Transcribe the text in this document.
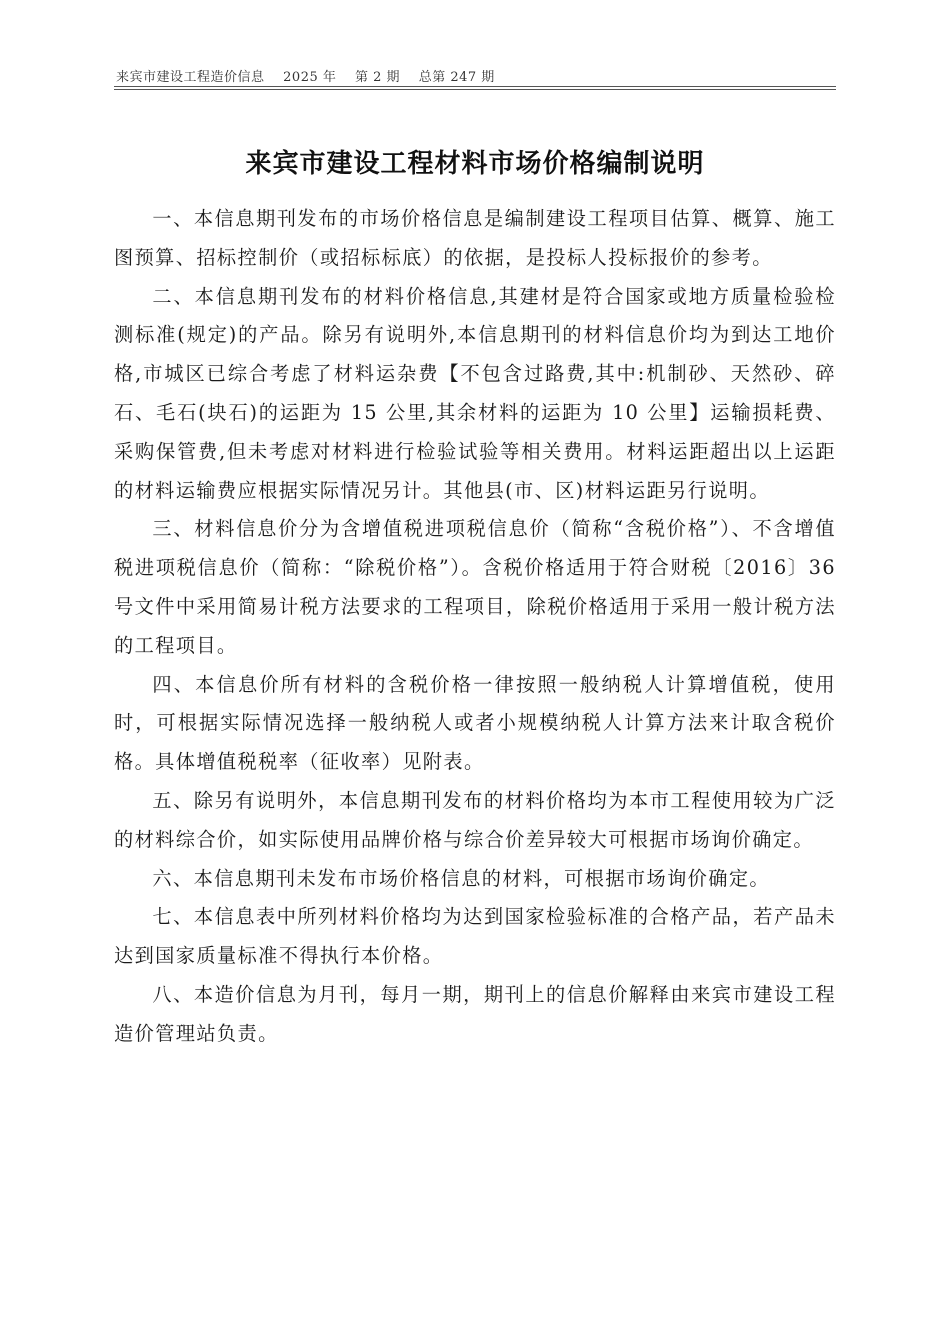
来宾市建设工程造价信息 2025 年 第 2 期 总第 247 期
来宾市建设工程材料市场价格编制说明

一、本信息期刊发布的市场价格信息是编制建设工程项目估算、概算、施工图预算、招标控制价（或招标标底）的依据，是投标人投标报价的参考。

二、本信息期刊发布的材料价格信息,其建材是符合国家或地方质量检验检测标准(规定)的产品。除另有说明外,本信息期刊的材料信息价均为到达工地价格,市城区已综合考虑了材料运杂费【不包含过路费,其中:机制砂、天然砂、碎石、毛石(块石)的运距为 15 公里,其余材料的运距为 10 公里】运输损耗费、采购保管费,但未考虑对材料进行检验试验等相关费用。材料运距超出以上运距的材料运输费应根据实际情况另计。其他县(市、区)材料运距另行说明。

三、材料信息价分为含增值税进项税信息价（简称“含税价格”）、不含增值税进项税信息价（简称：“除税价格”）。含税价格适用于符合财税〔2016〕36 号文件中采用简易计税方法要求的工程项目，除税价格适用于采用一般计税方法的工程项目。

四、本信息价所有材料的含税价格一律按照一般纳税人计算增值税，使用时，可根据实际情况选择一般纳税人或者小规模纳税人计算方法来计取含税价格。具体增值税税率（征收率）见附表。

五、除另有说明外，本信息期刊发布的材料价格均为本市工程使用较为广泛的材料综合价，如实际使用品牌价格与综合价差异较大可根据市场询价确定。

六、本信息期刊未发布市场价格信息的材料，可根据市场询价确定。

七、本信息表中所列材料价格均为达到国家检验标准的合格产品，若产品未达到国家质量标准不得执行本价格。

八、本造价信息为月刊，每月一期，期刊上的信息价解释由来宾市建设工程造价管理站负责。
